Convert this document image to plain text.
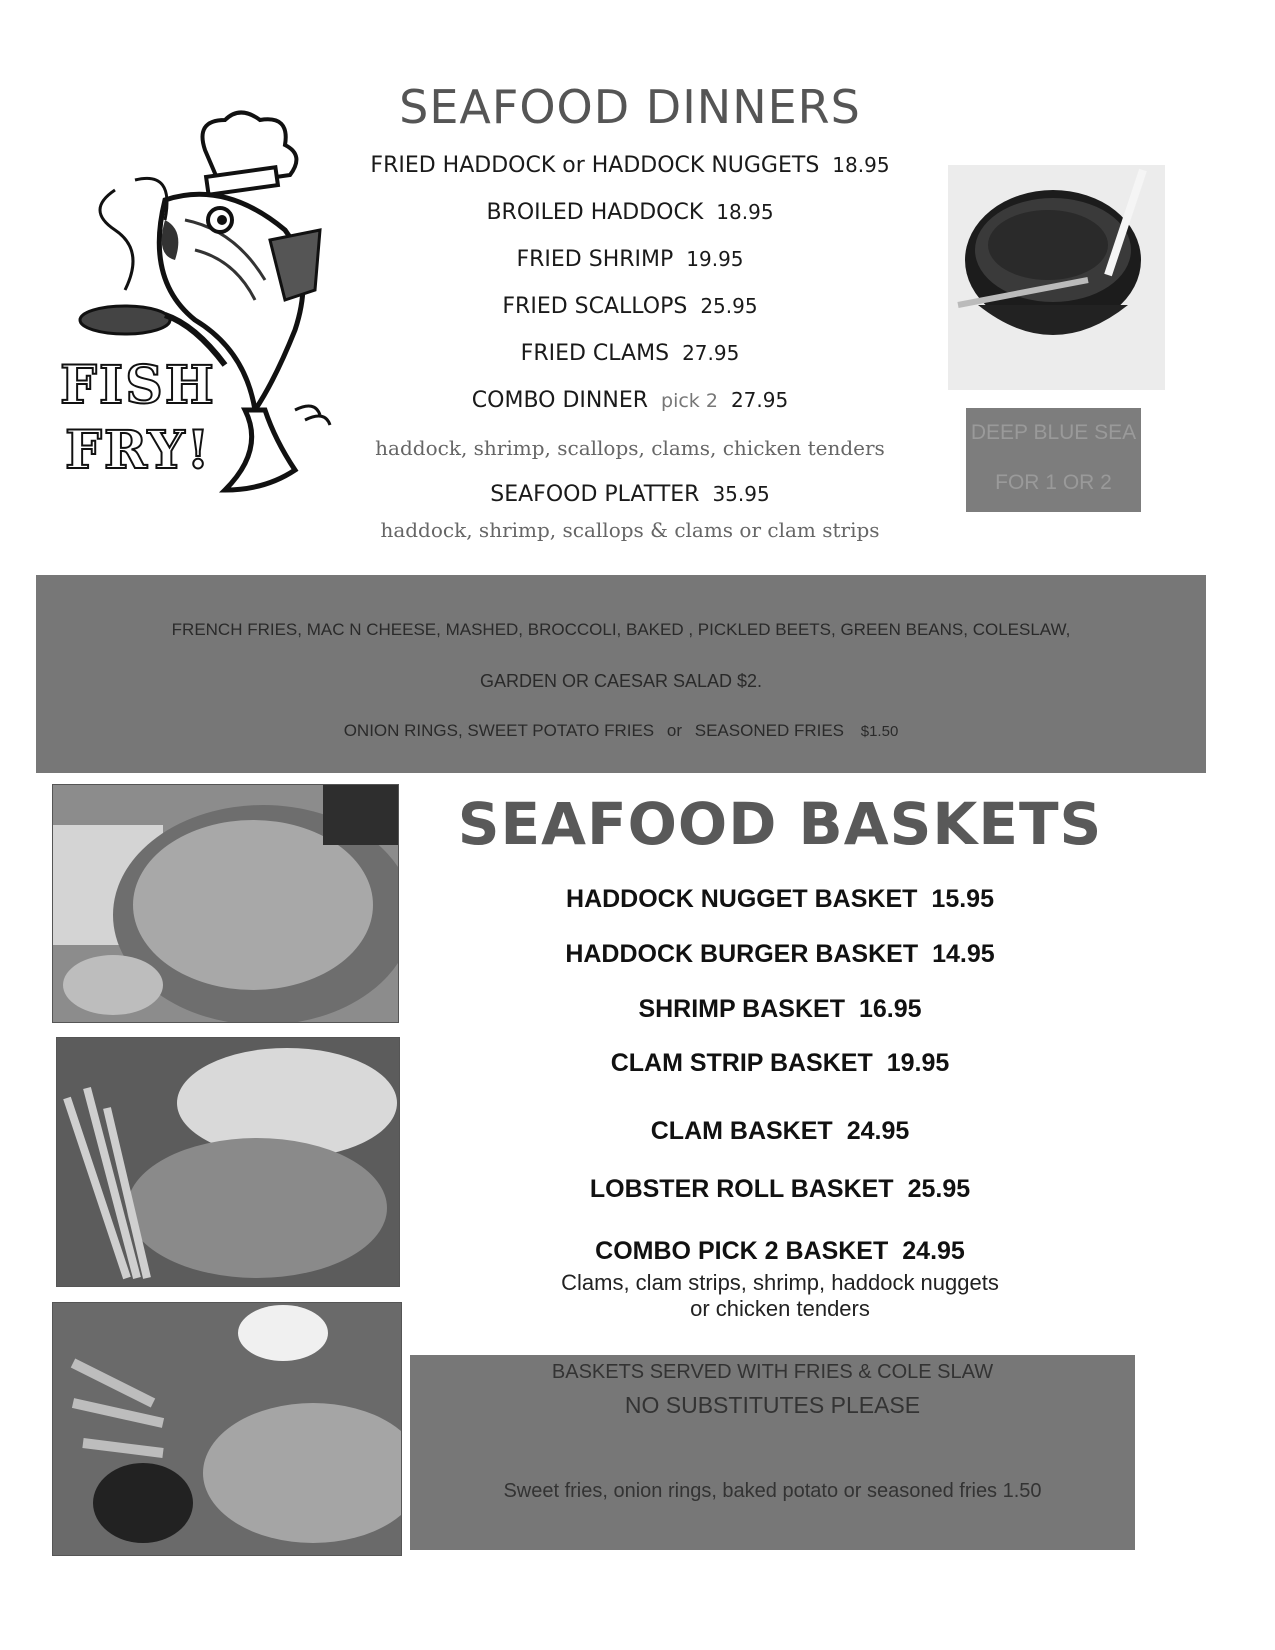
FISH
FRY!
SEAFOOD DINNERS
FRIED HADDOCK or HADDOCK NUGGETS 18.95
BROILED HADDOCK 18.95
FRIED SHRIMP 19.95
FRIED SCALLOPS 25.95
FRIED CLAMS 27.95
COMBO DINNER pick 2 27.95
haddock, shrimp, scallops, clams, chicken tenders
SEAFOOD PLATTER 35.95
haddock, shrimp, scallops & clams or clam strips
DEEP BLUE SEA
FOR 1 OR 2
FRENCH FRIES, MAC N CHEESE, MASHED, BROCCOLI, BAKED , PICKLED BEETS, GREEN BEANS, COLESLAW,
GARDEN OR CAESAR SALAD $2.
ONION RINGS, SWEET POTATO FRIES or SEASONED FRIES $1.50
SEAFOOD BASKETS
HADDOCK NUGGET BASKET 15.95
HADDOCK BURGER BASKET 14.95
SHRIMP BASKET 16.95
CLAM STRIP BASKET 19.95
CLAM BASKET 24.95
LOBSTER ROLL BASKET 25.95
COMBO PICK 2 BASKET 24.95
Clams, clam strips, shrimp, haddock nuggets
or chicken tenders
BASKETS SERVED WITH FRIES & COLE SLAW
NO SUBSTITUTES PLEASE
Sweet fries, onion rings, baked potato or seasoned fries 1.50
